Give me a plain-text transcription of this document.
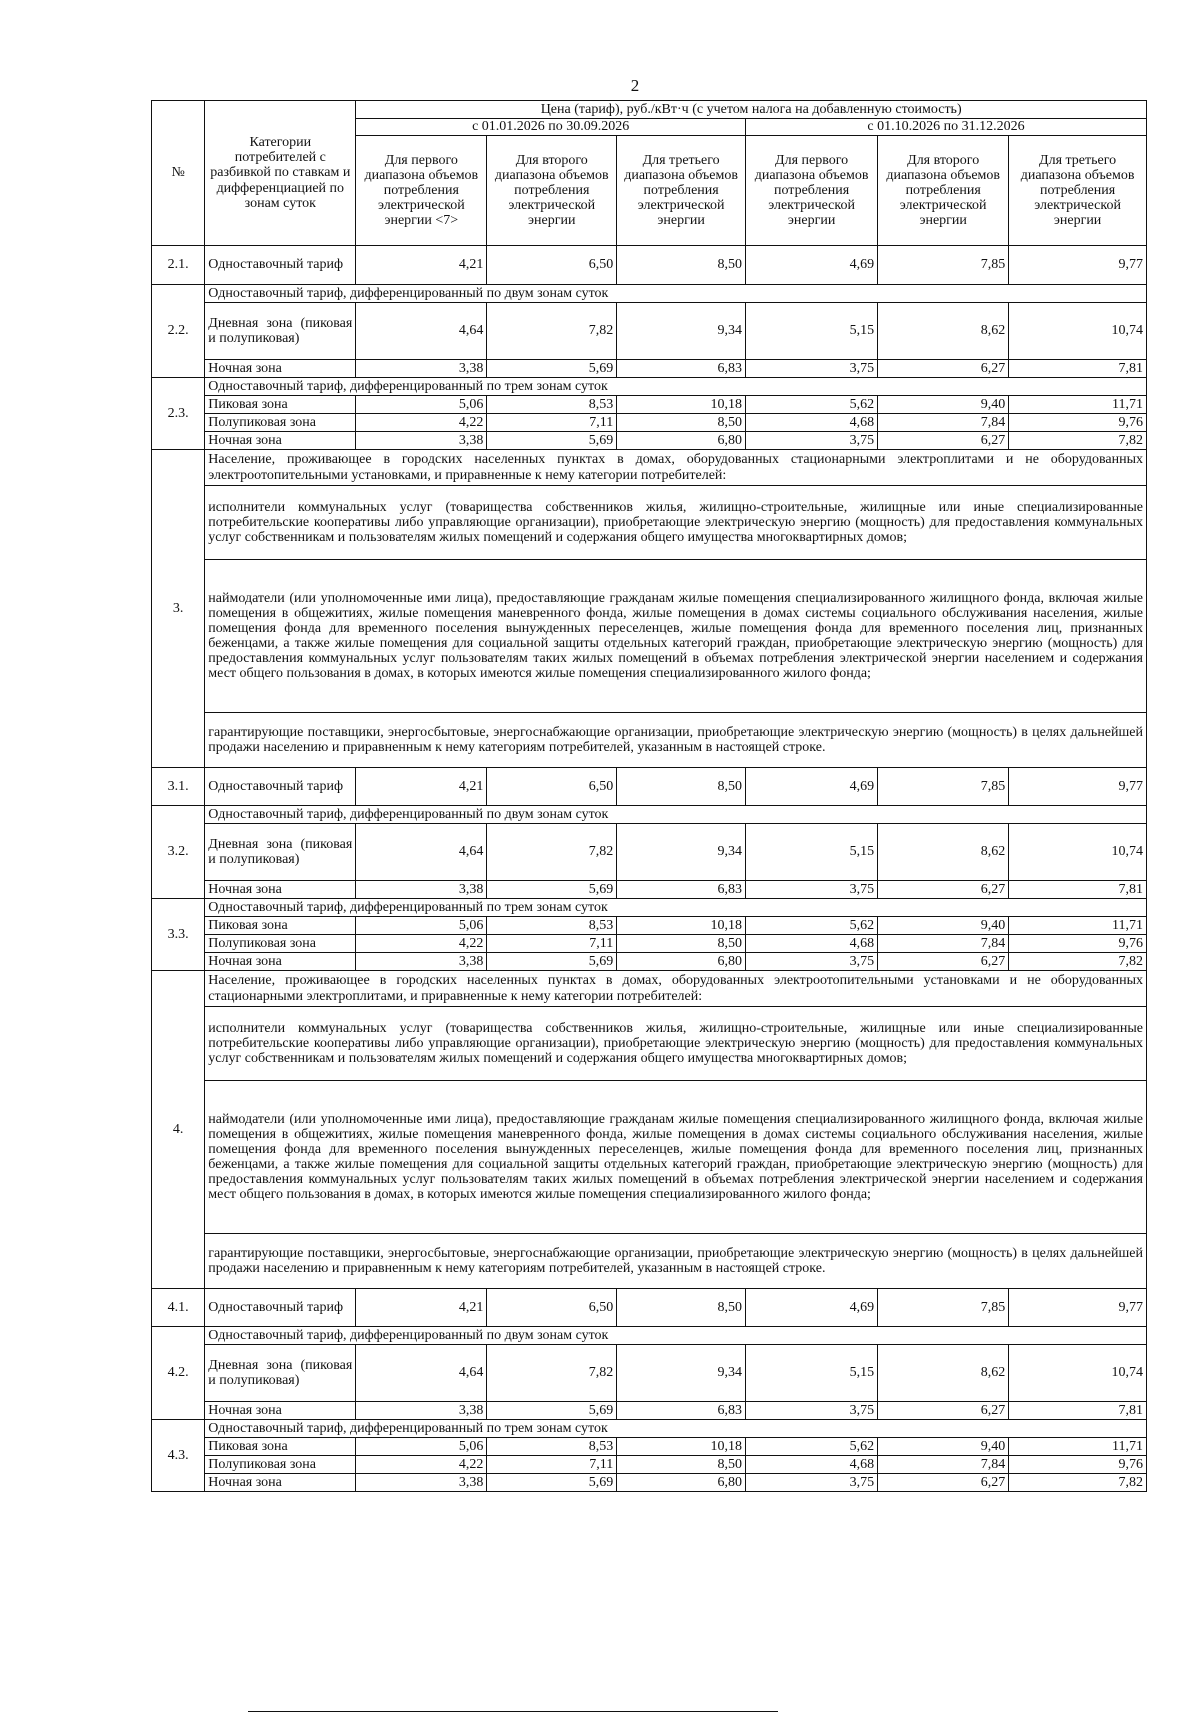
2
№	Категории потребителей с разбивкой по ставкам и дифференциацией по зонам суток	Цена (тариф), руб./кВт·ч (с учетом налога на добавленную стоимость)					
		с 01.01.2026 по 30.09.2026			с 01.10.2026 по 31.12.2026		
		Для первого диапазона объемов потребления электрической энергии <7>	Для второго диапазона объемов потребления электрической энергии	Для третьего диапазона объемов потребления электрической энергии	Для первого диапазона объемов потребления электрической энергии	Для второго диапазона объемов потребления электрической энергии	Для третьего диапазона объемов потребления электрической энергии
2.1.	Одноставочный тариф	4,21	6,50	8,50	4,69	7,85	9,77
2.2.	Одноставочный тариф, дифференцированный по двум зонам суток						
	Дневная зона (пиковая и полупиковая)	4,64	7,82	9,34	5,15	8,62	10,74
	Ночная зона	3,38	5,69	6,83	3,75	6,27	7,81
2.3.	Одноставочный тариф, дифференцированный по трем зонам суток						
	Пиковая зона	5,06	8,53	10,18	5,62	9,40	11,71
	Полупиковая зона	4,22	7,11	8,50	4,68	7,84	9,76
	Ночная зона	3,38	5,69	6,80	3,75	6,27	7,82
3.	Население, проживающее в городских населенных пунктах в домах, оборудованных стационарными электроплитами и не оборудованных электроотопительными установками, и приравненные к нему категории потребителей:						
	исполнители коммунальных услуг (товарищества собственников жилья, жилищно-строительные, жилищные или иные специализированные потребительские кооперативы либо управляющие организации), приобретающие электрическую энергию (мощность) для предоставления коммунальных услуг собственникам и пользователям жилых помещений и содержания общего имущества многоквартирных домов;						
	наймодатели (или уполномоченные ими лица), предоставляющие гражданам жилые помещения специализированного жилищного фонда, включая жилые помещения в общежитиях, жилые помещения маневренного фонда, жилые помещения в домах системы социального обслуживания населения, жилые помещения фонда для временного поселения вынужденных переселенцев, жилые помещения фонда для временного поселения лиц, признанных беженцами, а также жилые помещения для социальной защиты отдельных категорий граждан, приобретающие электрическую энергию (мощность) для предоставления коммунальных услуг пользователям таких жилых помещений в объемах потребления электрической энергии населением и содержания мест общего пользования в домах, в которых имеются жилые помещения специализированного жилого фонда;						
	гарантирующие поставщики, энергосбытовые, энергоснабжающие организации, приобретающие электрическую энергию (мощность) в целях дальнейшей продажи населению и приравненным к нему категориям потребителей, указанным в настоящей строке.						
3.1.	Одноставочный тариф	4,21	6,50	8,50	4,69	7,85	9,77
3.2.	Одноставочный тариф, дифференцированный по двум зонам суток						
	Дневная зона (пиковая и полупиковая)	4,64	7,82	9,34	5,15	8,62	10,74
	Ночная зона	3,38	5,69	6,83	3,75	6,27	7,81
3.3.	Одноставочный тариф, дифференцированный по трем зонам суток						
	Пиковая зона	5,06	8,53	10,18	5,62	9,40	11,71
	Полупиковая зона	4,22	7,11	8,50	4,68	7,84	9,76
	Ночная зона	3,38	5,69	6,80	3,75	6,27	7,82
4.	Население, проживающее в городских населенных пунктах в домах, оборудованных электроотопительными установками и не оборудованных стационарными электроплитами, и приравненные к нему категории потребителей:						
	исполнители коммунальных услуг (товарищества собственников жилья, жилищно-строительные, жилищные или иные специализированные потребительские кооперативы либо управляющие организации), приобретающие электрическую энергию (мощность) для предоставления коммунальных услуг собственникам и пользователям жилых помещений и содержания общего имущества многоквартирных домов;						
	наймодатели (или уполномоченные ими лица), предоставляющие гражданам жилые помещения специализированного жилищного фонда, включая жилые помещения в общежитиях, жилые помещения маневренного фонда, жилые помещения в домах системы социального обслуживания населения, жилые помещения фонда для временного поселения вынужденных переселенцев, жилые помещения фонда для временного поселения лиц, признанных беженцами, а также жилые помещения для социальной защиты отдельных категорий граждан, приобретающие электрическую энергию (мощность) для предоставления коммунальных услуг пользователям таких жилых помещений в объемах потребления электрической энергии населением и содержания мест общего пользования в домах, в которых имеются жилые помещения специализированного жилого фонда;						
	гарантирующие поставщики, энергосбытовые, энергоснабжающие организации, приобретающие электрическую энергию (мощность) в целях дальнейшей продажи населению и приравненным к нему категориям потребителей, указанным в настоящей строке.						
4.1.	Одноставочный тариф	4,21	6,50	8,50	4,69	7,85	9,77
4.2.	Одноставочный тариф, дифференцированный по двум зонам суток						
	Дневная зона (пиковая и полупиковая)	4,64	7,82	9,34	5,15	8,62	10,74
	Ночная зона	3,38	5,69	6,83	3,75	6,27	7,81
4.3.	Одноставочный тариф, дифференцированный по трем зонам суток						
	Пиковая зона	5,06	8,53	10,18	5,62	9,40	11,71
	Полупиковая зона	4,22	7,11	8,50	4,68	7,84	9,76
	Ночная зона	3,38	5,69	6,80	3,75	6,27	7,82
